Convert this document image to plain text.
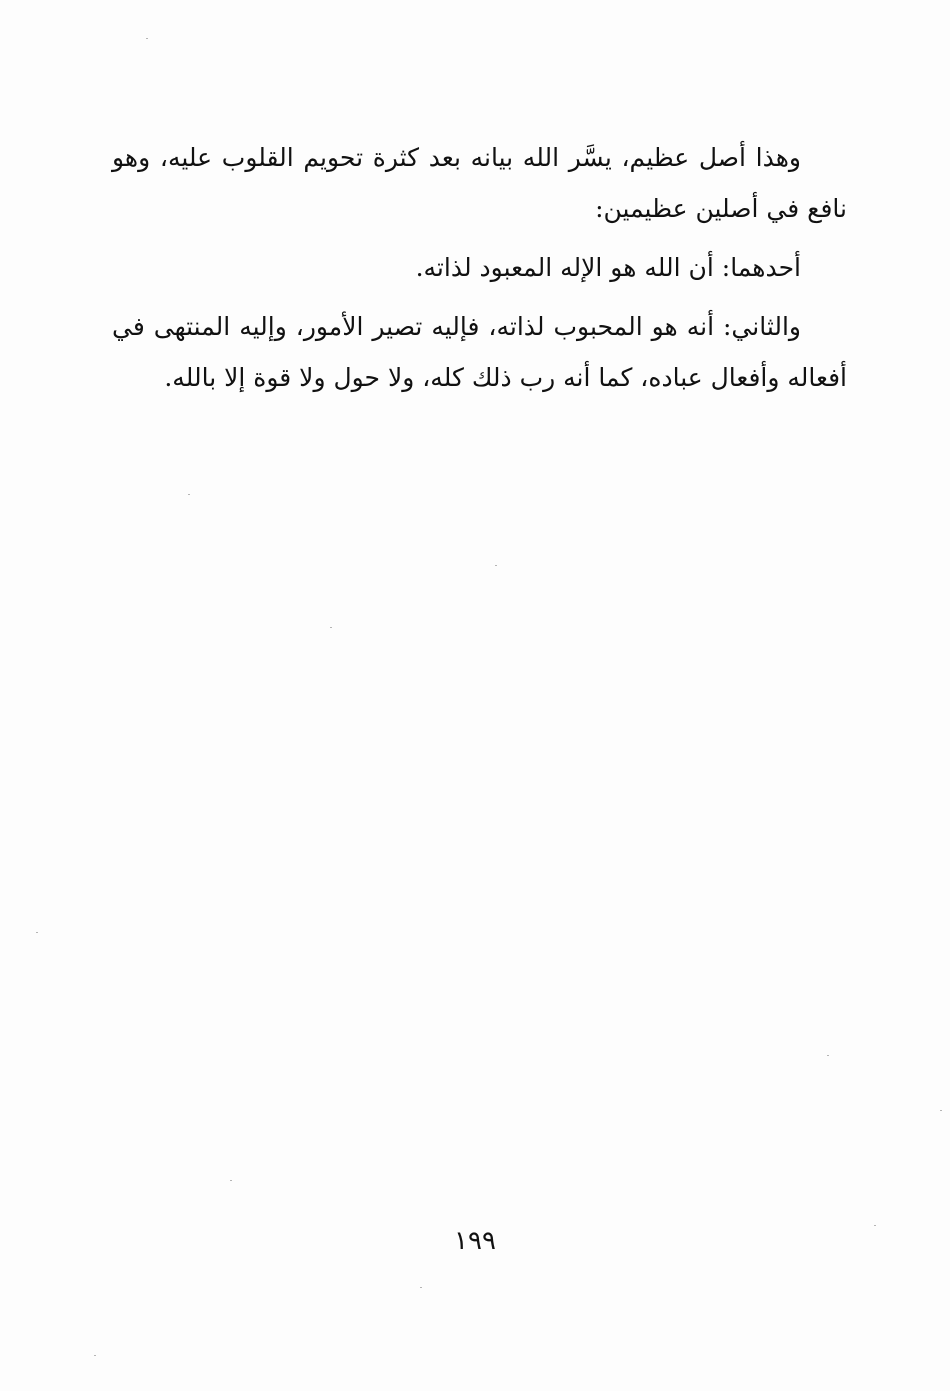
وهذا أصل عظيم، يسَّر الله بيانه بعد كثرة تحويم القلوب عليه، وهو نافع في أصلين عظيمين:

أحدهما: أن الله هو الإله المعبود لذاته.

والثاني: أنه هو المحبوب لذاته، فإليه تصير الأمور، وإليه المنتهى في أفعاله وأفعال عباده، كما أنه رب ذلك كله، ولا حول ولا قوة إلا بالله.

١٩٩
